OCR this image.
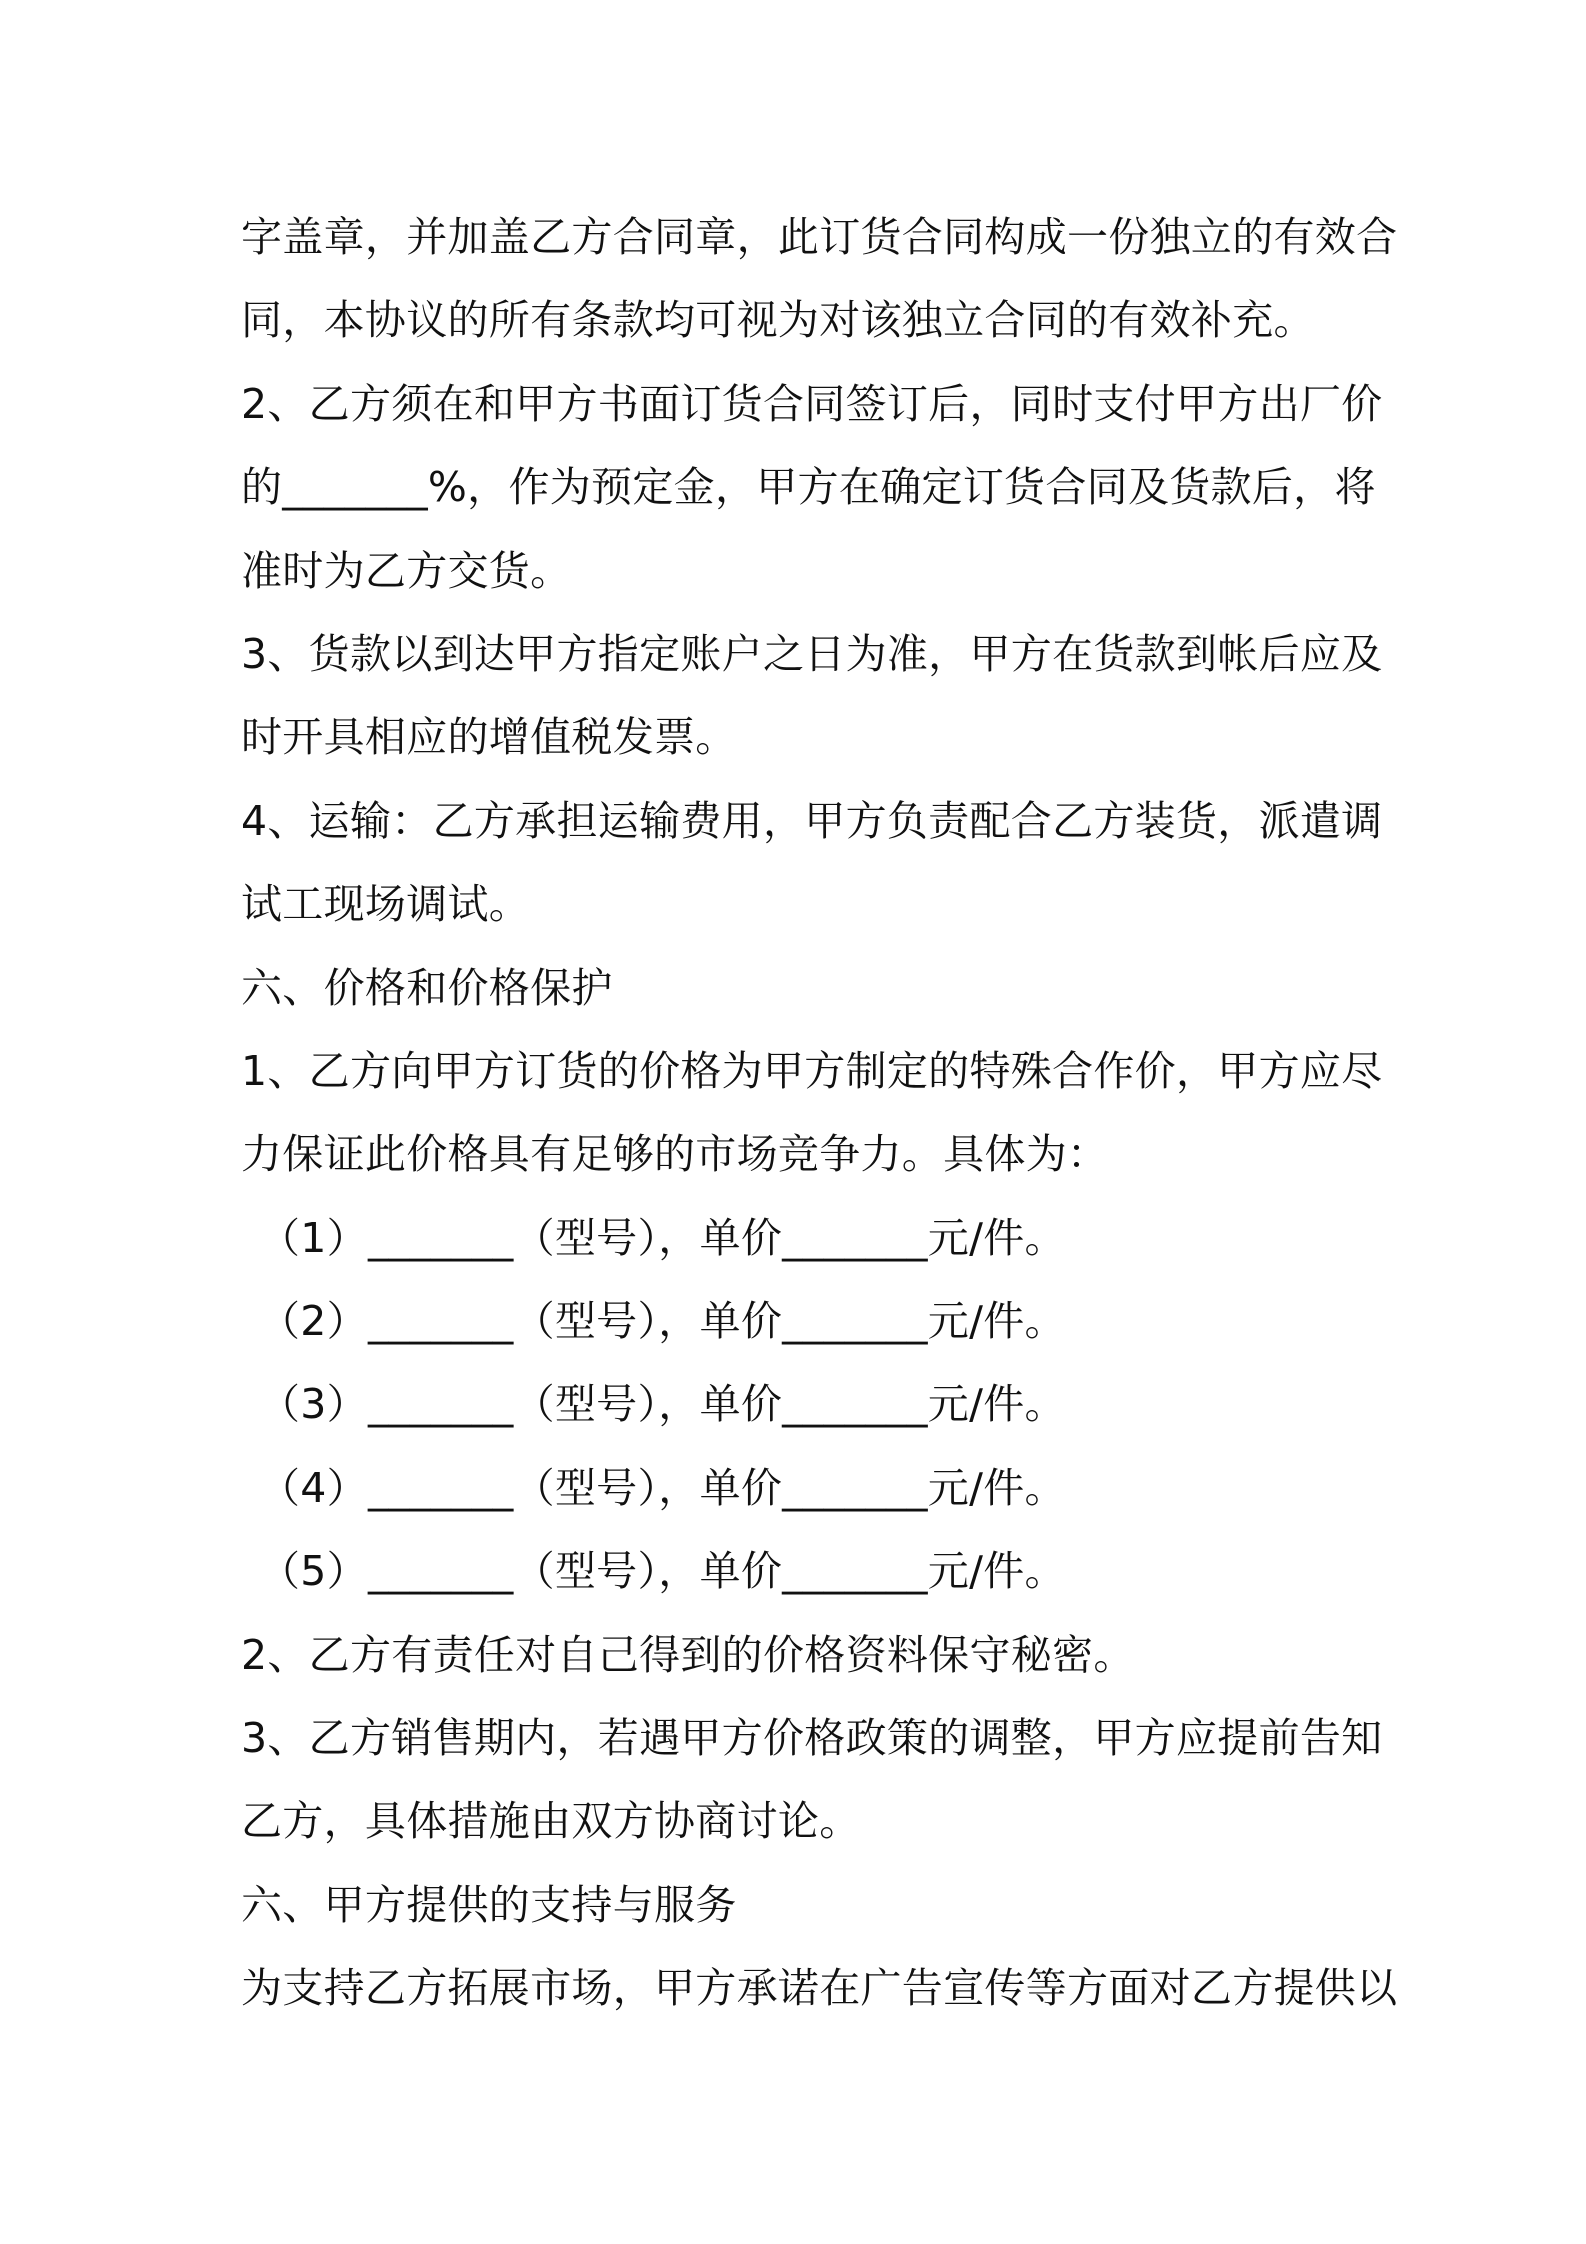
字盖章，并加盖乙方合同章，此订货合同构成一份独立的有效合
同，本协议的所有条款均可视为对该独立合同的有效补充。
2、乙方须在和甲方书面订货合同签订后，同时支付甲方出厂价
的_______%，作为预定金，甲方在确定订货合同及货款后，将
准时为乙方交货。
3、货款以到达甲方指定账户之日为准，甲方在货款到帐后应及
时开具相应的增值税发票。
4、运输：乙方承担运输费用，甲方负责配合乙方装货，派遣调
试工现场调试。
六、价格和价格保护
1、乙方向甲方订货的价格为甲方制定的特殊合作价，甲方应尽
力保证此价格具有足够的市场竞争力。具体为：
（1）_______（型号），单价_______元/件。
（2）_______（型号），单价_______元/件。
（3）_______（型号），单价_______元/件。
（4）_______（型号），单价_______元/件。
（5）_______（型号），单价_______元/件。
2、乙方有责任对自己得到的价格资料保守秘密。
3、乙方销售期内，若遇甲方价格政策的调整，甲方应提前告知
乙方，具体措施由双方协商讨论。
六、甲方提供的支持与服务
为支持乙方拓展市场，甲方承诺在广告宣传等方面对乙方提供以
